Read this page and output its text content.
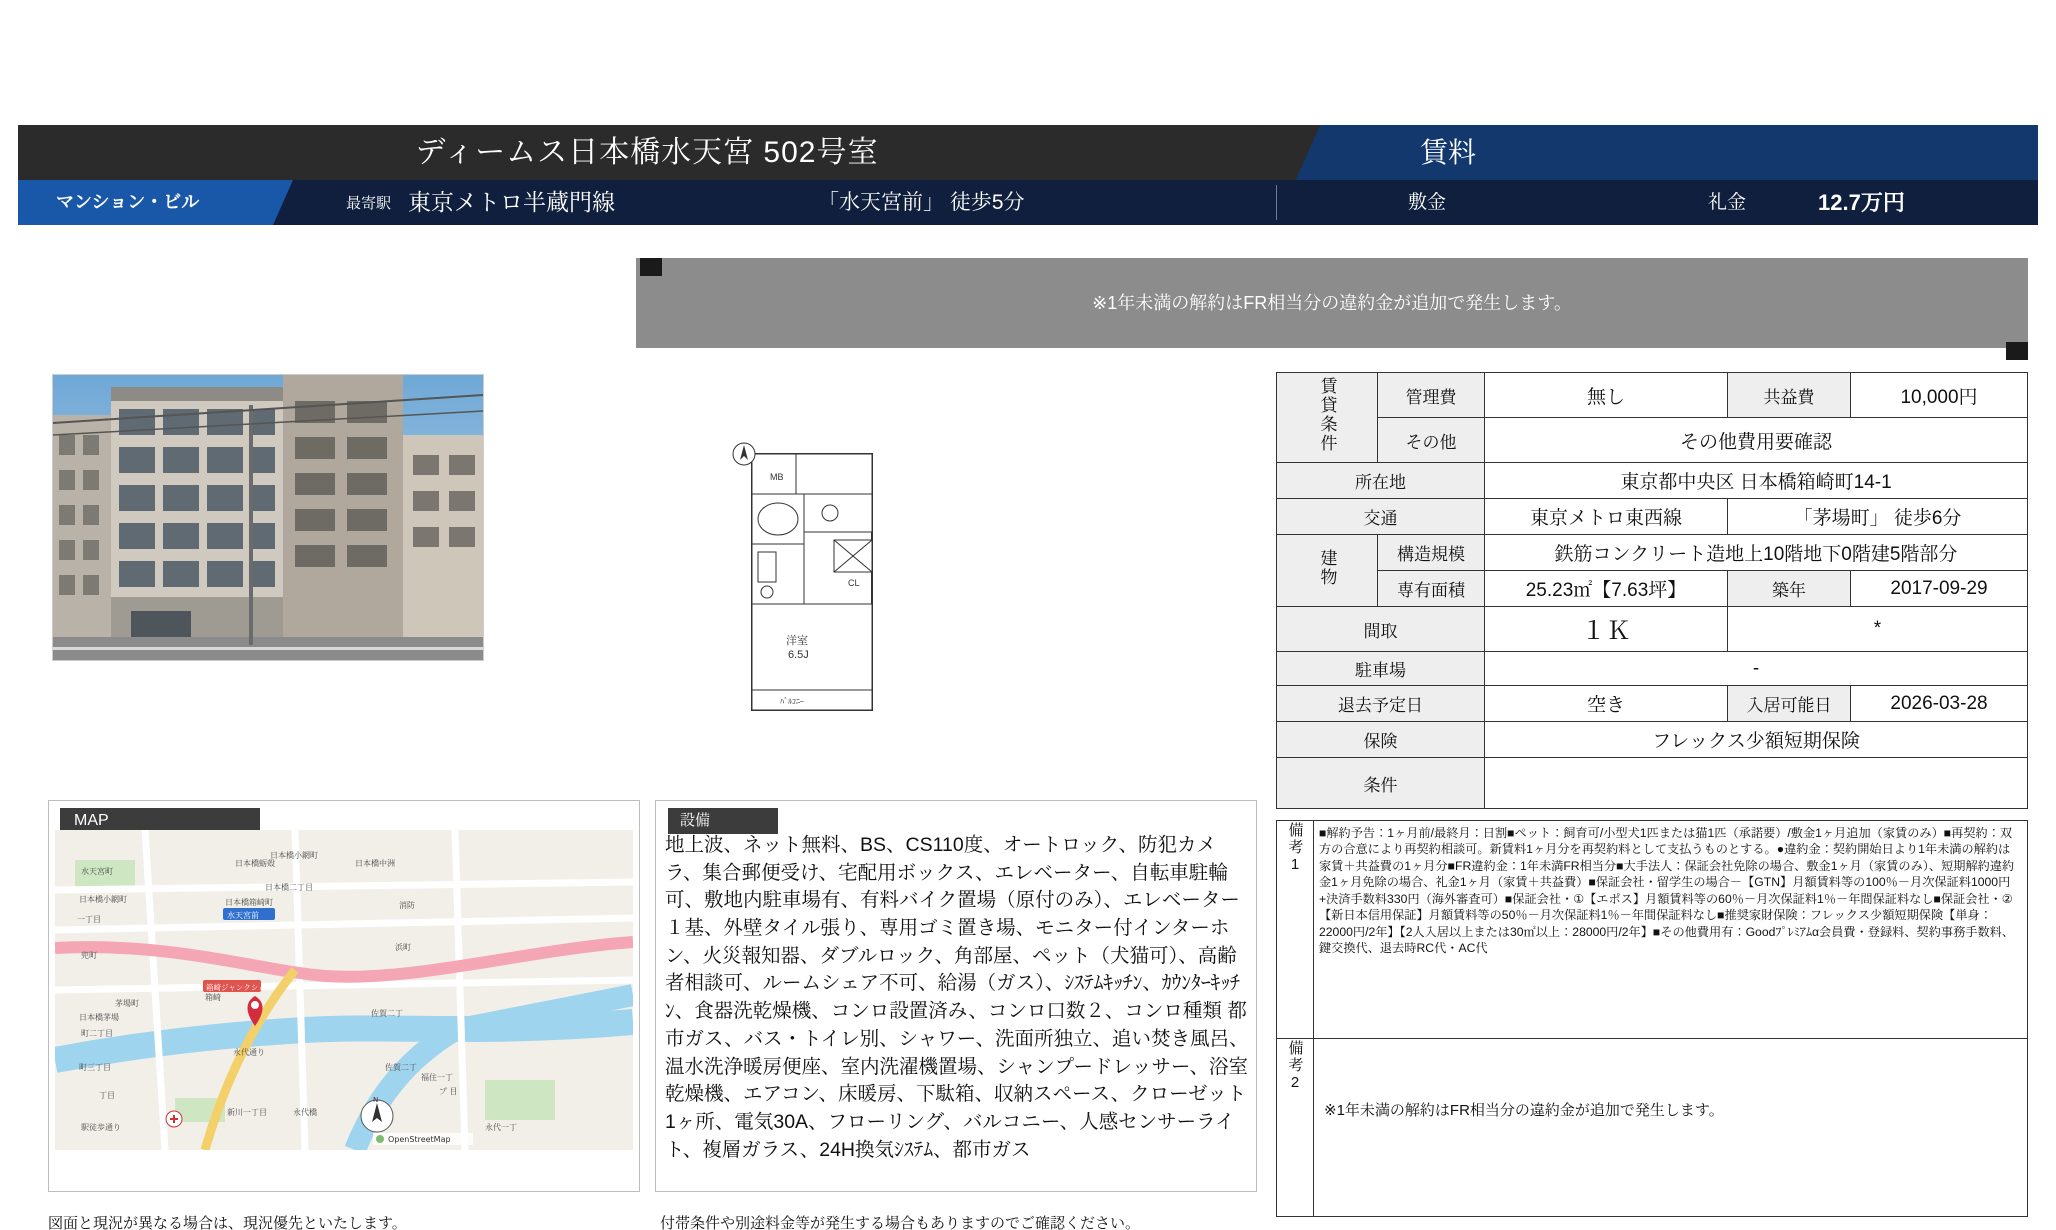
ディームス日本橋水天宮 502号室	賃料
マンション・ビル	最寄駅 東京メトロ半蔵門線	「水天宮前」 徒歩5分	敷金	礼金	12.7万円
※1年未満の解約はFR相当分の違約金が追加で発生します。
MB
CL
洋室
6.5J
ﾊﾞﾙｺﾆｰ
賃貸条件	管理費	無し	共益費	10,000円
	その他	その他費用要確認		
所在地		東京都中央区 日本橋箱崎町14-1		
交通		東京メトロ東西線	「茅場町」 徒歩6分	
建物	構造規模	鉄筋コンクリート造地上10階地下0階建5階部分		
	専有面積	25.23㎡【7.63坪】	築年	2017-09-29
間取		１Ｋ	*	
駐車場		-		
退去予定日		空き	入居可能日	2026-03-28
保険		フレックス少額短期保険		
条件				
備考1	■解約予告：1ヶ月前/最終月：日割■ペット：飼育可/小型犬1匹または猫1匹（承諾要）/敷金1ヶ月追加（家賃のみ）■再契約：双方の合意により再契約相談可。新賃料1ヶ月分を再契約料として支払うものとする。●違約金：契約開始日より1年未満の解約は家賃＋共益費の1ヶ月分■FR違約金：1年未満FR相当分■大手法人：保証会社免除の場合、敷金1ヶ月（家賃のみ）、短期解約違約金1ヶ月免除の場合、礼金1ヶ月（家賃＋共益費）■保証会社・留学生の場合－【GTN】月額賃料等の100％－月次保証料1000円+決済手数料330円（海外審査可）■保証会社・①【エポス】月額賃料等の60％－月次保証料1％－年間保証料なし■保証会社・②【新日本信用保証】月額賃料等の50％－月次保証料1％－年間保証料なし■推奨家財保険：フレックス少額短期保険【単身：22000円/2年】【2人入居以上または30㎡以上：28000円/2年】■その他費用有：Goodﾌﾟﾚﾐｱﾑα会員費・登録料、契約事務手数料、鍵交換代、退去時RC代・AC代
備考2	※1年未満の解約はFR相当分の違約金が追加で発生します。
MAP
水天宮町
日本橋蛎殻
日本橋小網町
日本橋中洲
日本橋小網町
日本橋二丁目
日本橋箱崎町
一丁目
消防
兜町
浜町
茅場町
日本橋茅場
町二丁目
箱崎
佐賀二丁
町三丁目
永代通り
丁目
佐賀二丁
福住一丁
プ 目
新川一丁目	永代橋
永代一丁
駅徒歩通り
水天宮前
箱崎ジャンクション
N
OpenStreetMap
図面と現況が異なる場合は、現況優先といたします。
設備
地上波、ネット無料、BS、CS110度、オートロック、防犯カメラ、集合郵便受け、宅配用ボックス、エレベーター、自転車駐輪可、敷地内駐車場有、有料バイク置場（原付のみ）、エレベーター１基、外壁タイル張り、専用ゴミ置き場、モニター付インターホン、火災報知器、ダブルロック、角部屋、ペット（犬猫可）、高齢者相談可、ルームシェア不可、給湯（ガス）、ｼｽﾃﾑｷｯﾁﾝ、ｶｳﾝﾀｰｷｯﾁﾝ、食器洗乾燥機、コンロ設置済み、コンロ口数２、コンロ種類 都市ガス、バス・トイレ別、シャワー、洗面所独立、追い焚き風呂、温水洗浄暖房便座、室内洗濯機置場、シャンプードレッサー、浴室乾燥機、エアコン、床暖房、下駄箱、収納スペース、クローゼット1ヶ所、電気30A、フローリング、バルコニー、人感センサーライト、複層ガラス、24H換気ｼｽﾃﾑ、都市ガス
付帯条件や別途料金等が発生する場合もありますのでご確認ください。
